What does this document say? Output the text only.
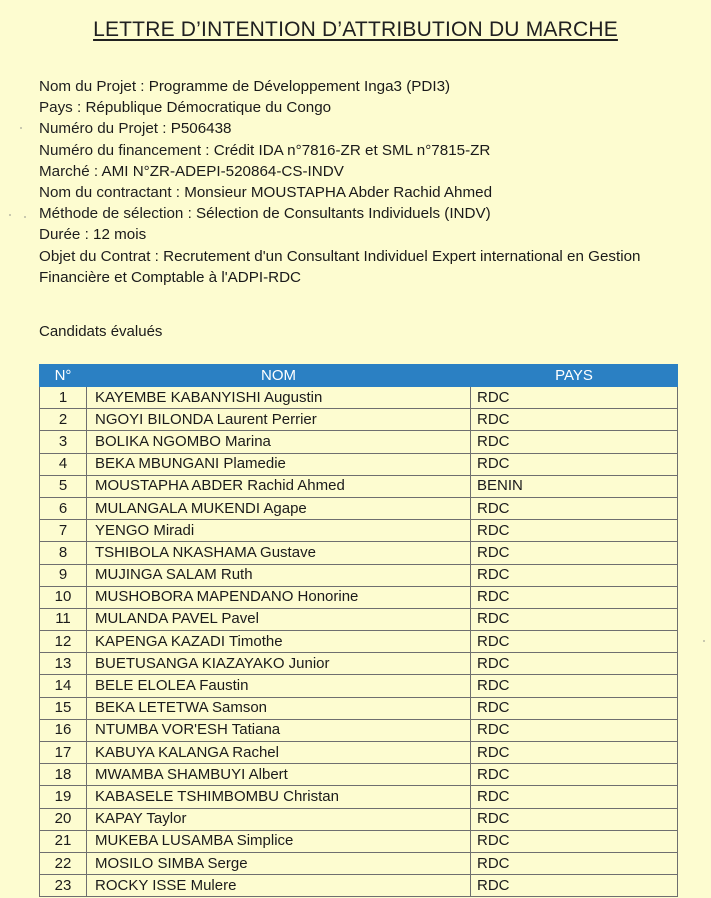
LETTRE D’INTENTION D’ATTRIBUTION DU MARCHE
Nom du Projet : Programme de Développement Inga3 (PDI3)
Pays : République Démocratique du Congo
Numéro du Projet : P506438
Numéro du financement : Crédit IDA n°7816-ZR et SML n°7815-ZR
Marché : AMI N°ZR-ADEPI-520864-CS-INDV
Nom du contractant : Monsieur MOUSTAPHA Abder Rachid Ahmed
Méthode de sélection : Sélection de Consultants Individuels (INDV)
Durée : 12 mois
Objet du Contrat : Recrutement d'un Consultant Individuel Expert international en Gestion Financière et Comptable à l'ADPI-RDC
Candidats évalués
N°	NOM	PAYS
1	KAYEMBE KABANYISHI Augustin	RDC
2	NGOYI BILONDA Laurent Perrier	RDC
3	BOLIKA NGOMBO Marina	RDC
4	BEKA MBUNGANI Plamedie	RDC
5	MOUSTAPHA ABDER Rachid Ahmed	BENIN
6	MULANGALA MUKENDI Agape	RDC
7	YENGO Miradi	RDC
8	TSHIBOLA NKASHAMA Gustave	RDC
9	MUJINGA SALAM Ruth	RDC
10	MUSHOBORA MAPENDANO Honorine	RDC
11	MULANDA PAVEL Pavel	RDC
12	KAPENGA KAZADI Timothe	RDC
13	BUETUSANGA KIAZAYAKO Junior	RDC
14	BELE ELOLEA Faustin	RDC
15	BEKA LETETWA Samson	RDC
16	NTUMBA VOR'ESH Tatiana	RDC
17	KABUYA KALANGA Rachel	RDC
18	MWAMBA SHAMBUYI Albert	RDC
19	KABASELE TSHIMBOMBU Christan	RDC
20	KAPAY Taylor	RDC
21	MUKEBA LUSAMBA Simplice	RDC
22	MOSILO SIMBA Serge	RDC
23	ROCKY ISSE Mulere	RDC
